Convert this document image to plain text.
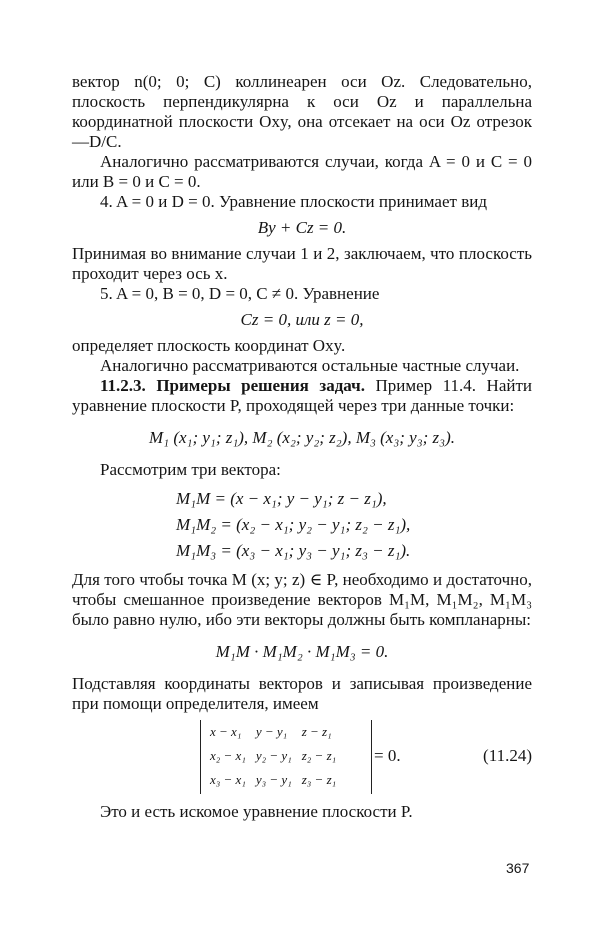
вектор n(0; 0; C) коллинеарен оси Oz. Следовательно, плоскость перпендикулярна к оси Oz и параллельна координатной плоскости Oxy, она отсекает на оси Oz отрезок —D/C.

Аналогично рассматриваются случаи, когда A = 0 и C = 0 или B = 0 и C = 0.

4. A = 0 и D = 0. Уравнение плоскости принимает вид

By + Cz = 0.

Принимая во внимание случаи 1 и 2, заключаем, что плоскость проходит через ось x.

5. A = 0, B = 0, D = 0, C ≠ 0. Уравнение

Cz = 0, или z = 0,

определяет плоскость координат Oxy.

Аналогично рассматриваются остальные частные случаи.

11.2.3. Примеры решения задач. Пример 11.4. Найти уравнение плоскости P, проходящей через три данные точки:

M₁ (x₁; y₁; z₁), M₂ (x₂; y₂; z₂), M₃ (x₃; y₃; z₃).

Рассмотрим три вектора:

M₁M = (x − x₁; y − y₁; z − z₁),
M₁M₂ = (x₂ − x₁; y₂ − y₁; z₂ − z₁),
M₁M₃ = (x₃ − x₁; y₃ − y₁; z₃ − z₁).

Для того чтобы точка M (x; y; z) ∈ P, необходимо и достаточно, чтобы смешанное произведение векторов M₁M, M₁M₂, M₁M₃ было равно нулю, ибо эти векторы должны быть компланарны:

M₁M · M₁M₂ · M₁M₃ = 0.

Подставляя координаты векторов и записывая произведение при помощи определителя, имеем

x − x₁	y − y₁	z − z₁
x₂ − x₁	y₂ − y₁	z₂ − z₁
x₃ − x₁	y₃ − y₁	z₃ − z₁
= 0.	(11.24)

Это и есть искомое уравнение плоскости P.

367
